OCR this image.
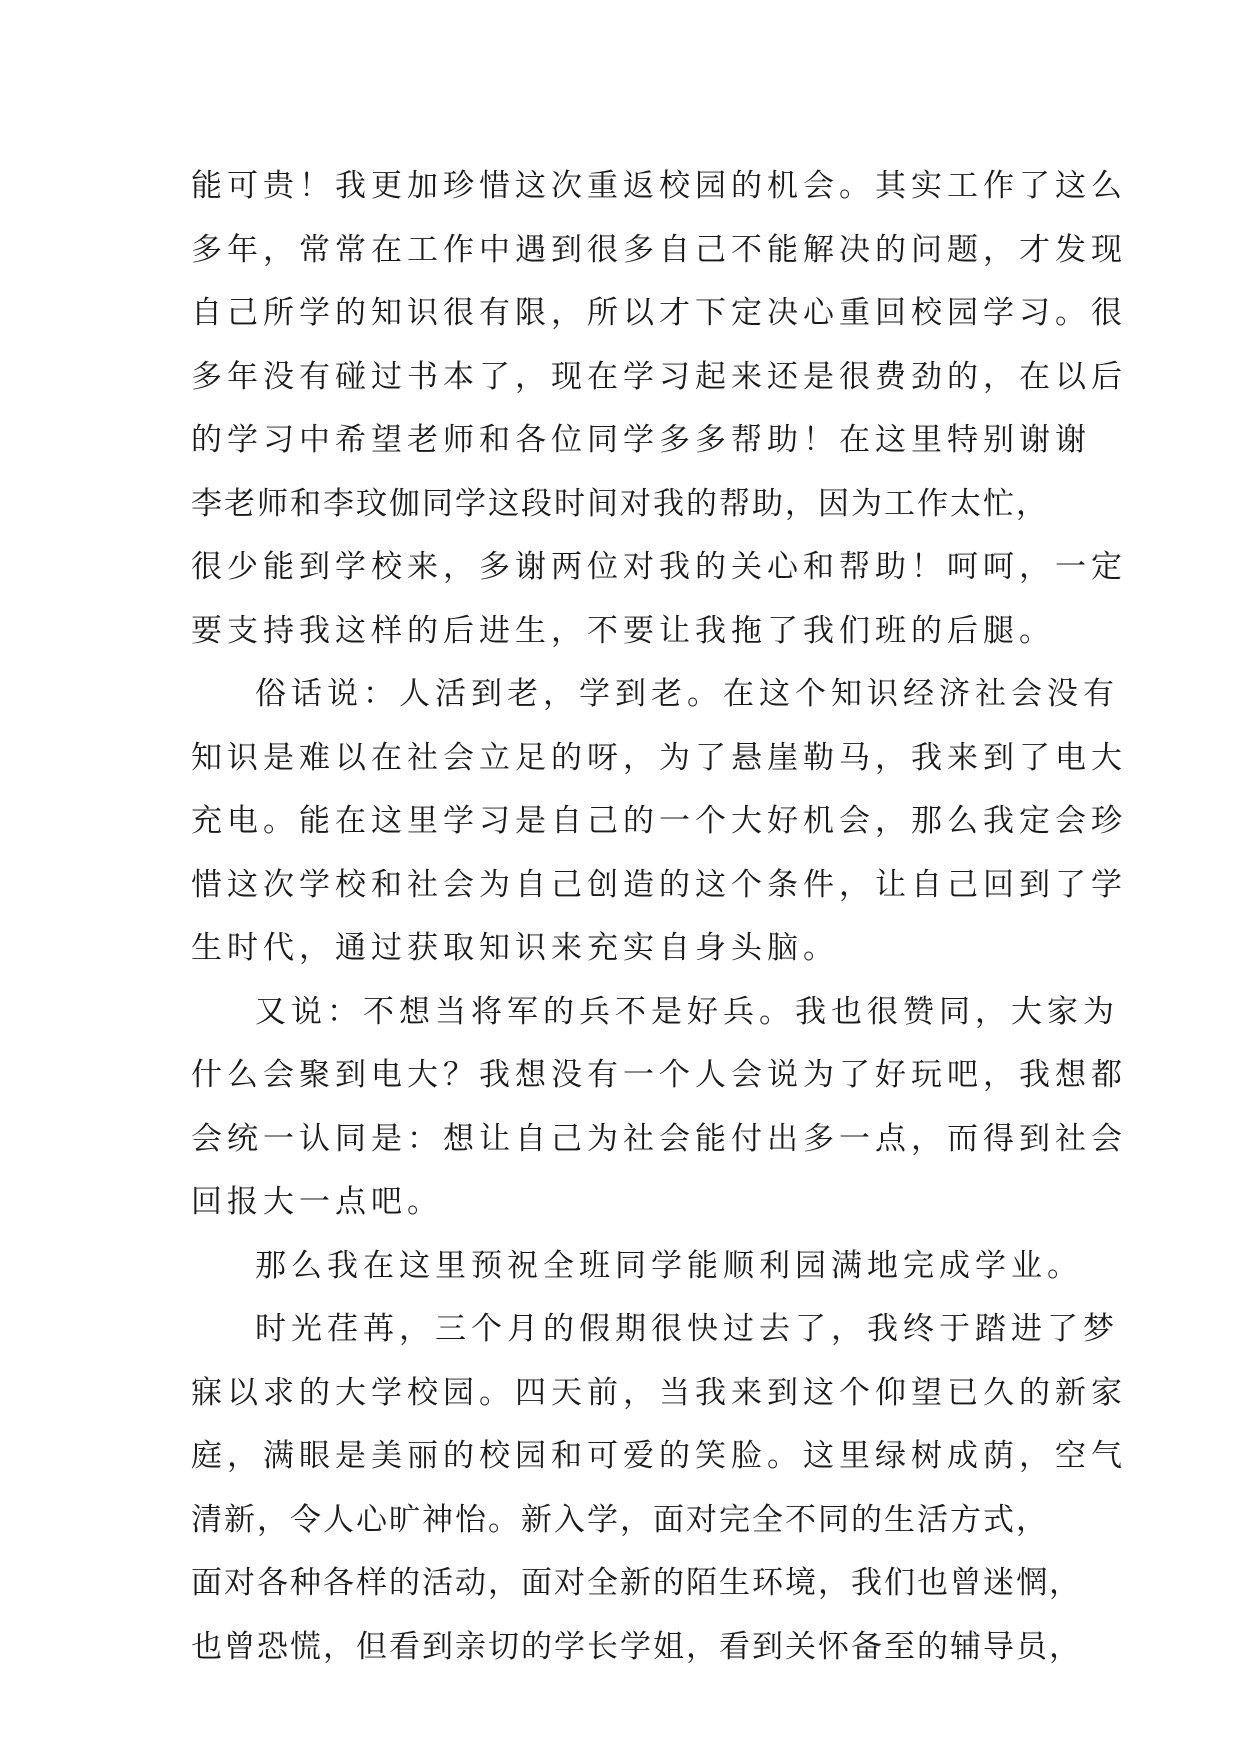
能可贵！我更加珍惜这次重返校园的机会。其实工作了这么
多年，常常在工作中遇到很多自己不能解决的问题，才发现
自己所学的知识很有限，所以才下定决心重回校园学习。很
多年没有碰过书本了，现在学习起来还是很费劲的，在以后
的学习中希望老师和各位同学多多帮助！在这里特别谢谢
李老师和李玟伽同学这段时间对我的帮助，因为工作太忙，
很少能到学校来，多谢两位对我的关心和帮助！呵呵，一定
要支持我这样的后进生，不要让我拖了我们班的后腿。
俗话说：人活到老，学到老。在这个知识经济社会没有
知识是难以在社会立足的呀，为了悬崖勒马，我来到了电大
充电。能在这里学习是自己的一个大好机会，那么我定会珍
惜这次学校和社会为自己创造的这个条件，让自己回到了学
生时代，通过获取知识来充实自身头脑。
又说：不想当将军的兵不是好兵。我也很赞同，大家为
什么会聚到电大？我想没有一个人会说为了好玩吧，我想都
会统一认同是：想让自己为社会能付出多一点，而得到社会
回报大一点吧。
那么我在这里预祝全班同学能顺利园满地完成学业。
时光荏苒，三个月的假期很快过去了，我终于踏进了梦
寐以求的大学校园。四天前，当我来到这个仰望已久的新家
庭，满眼是美丽的校园和可爱的笑脸。这里绿树成荫，空气
清新，令人心旷神怡。新入学，面对完全不同的生活方式，
面对各种各样的活动，面对全新的陌生环境，我们也曾迷惘，
也曾恐慌，但看到亲切的学长学姐，看到关怀备至的辅导员，
